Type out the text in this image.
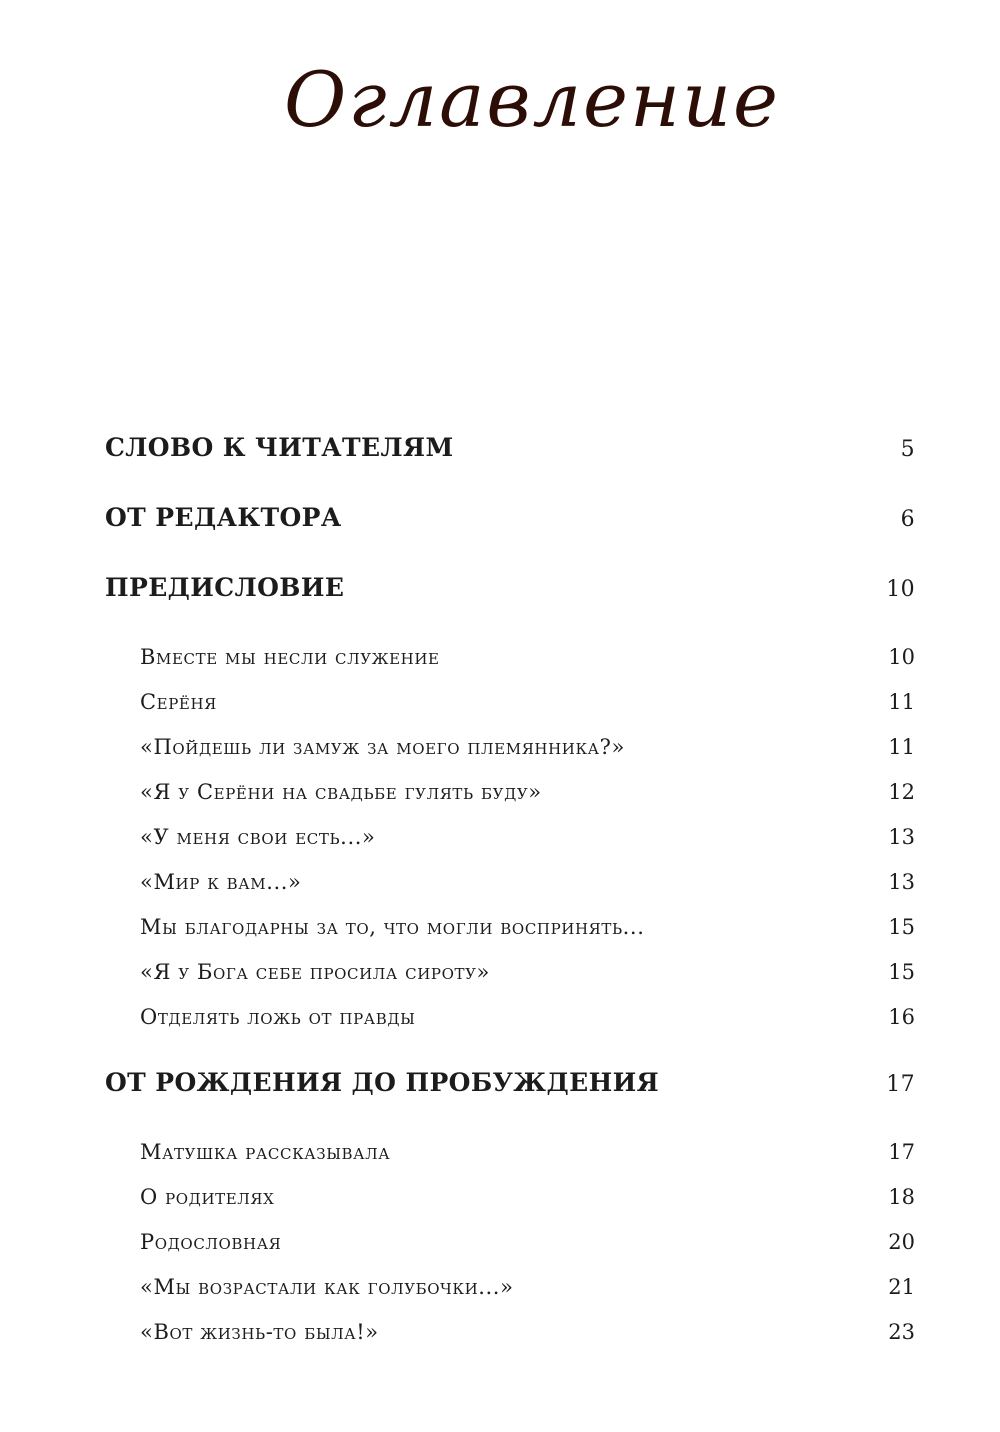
Оглавление
СЛОВО К ЧИТАТЕЛЯМ	5
ОТ РЕДАКТОРА	6
ПРЕДИСЛОВИЕ	10
Вместе мы несли служение	10
Серёня	11
«Пойдешь ли замуж за моего племянника?»	11
«Я у Серёни на свадьбе гулять буду»	12
«У меня свои есть...»	13
«Мир к вам...»	13
Мы благодарны за то, что могли воспринять...	15
«Я у Бога себе просила сироту»	15
Отделять ложь от правды	16
ОТ РОЖДЕНИЯ ДО ПРОБУЖДЕНИЯ	17
Матушка рассказывала	17
О родителях	18
Родословная	20
«Мы возрастали как голубочки...»	21
«Вот жизнь-то была!»	23
